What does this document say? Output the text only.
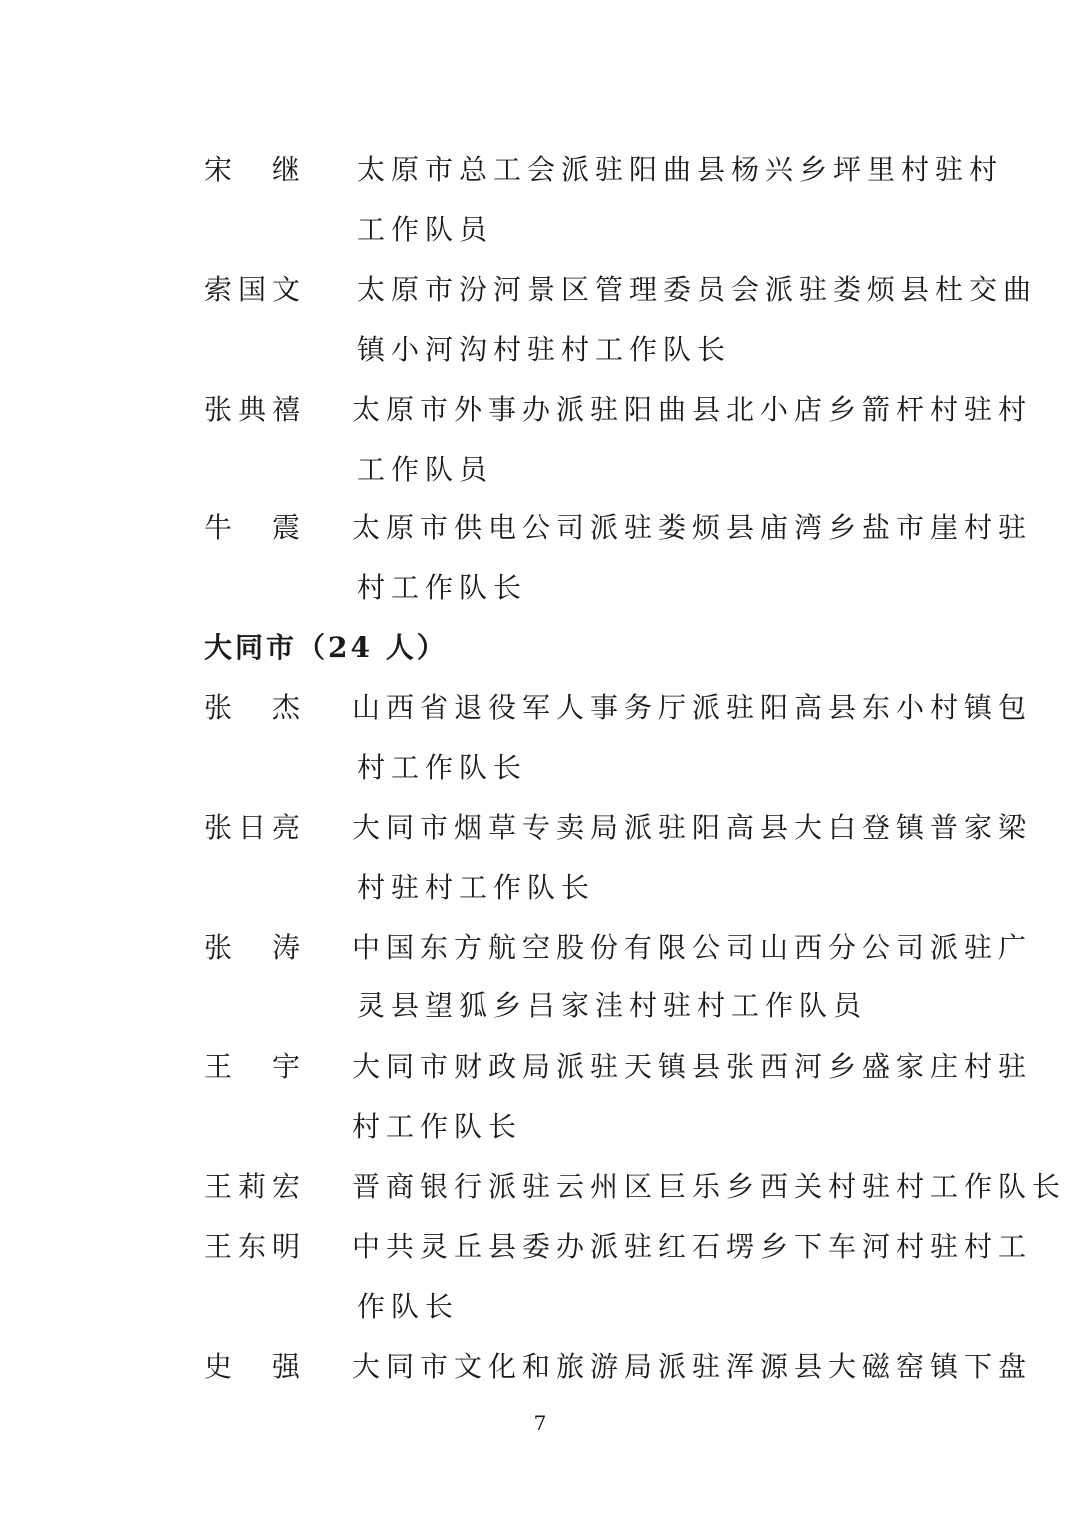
宋　继 太原市总工会派驻阳曲县杨兴乡坪里村驻村
工作队员
索国文 太原市汾河景区管理委员会派驻娄烦县杜交曲
镇小河沟村驻村工作队长
张典禧 太原市外事办派驻阳曲县北小店乡箭杆村驻村
工作队员
牛　震 太原市供电公司派驻娄烦县庙湾乡盐市崖村驻
村工作队长
大同市（24 人）
张　杰 山西省退役军人事务厅派驻阳高县东小村镇包
村工作队长
张日亮 大同市烟草专卖局派驻阳高县大白登镇普家梁
村驻村工作队长
张　涛 中国东方航空股份有限公司山西分公司派驻广
灵县望狐乡吕家洼村驻村工作队员
王　宇 大同市财政局派驻天镇县张西河乡盛家庄村驻
村工作队长
王莉宏 晋商银行派驻云州区巨乐乡西关村驻村工作队长
王东明 中共灵丘县委办派驻红石塄乡下车河村驻村工
作队长
史　强 大同市文化和旅游局派驻浑源县大磁窑镇下盘
7
